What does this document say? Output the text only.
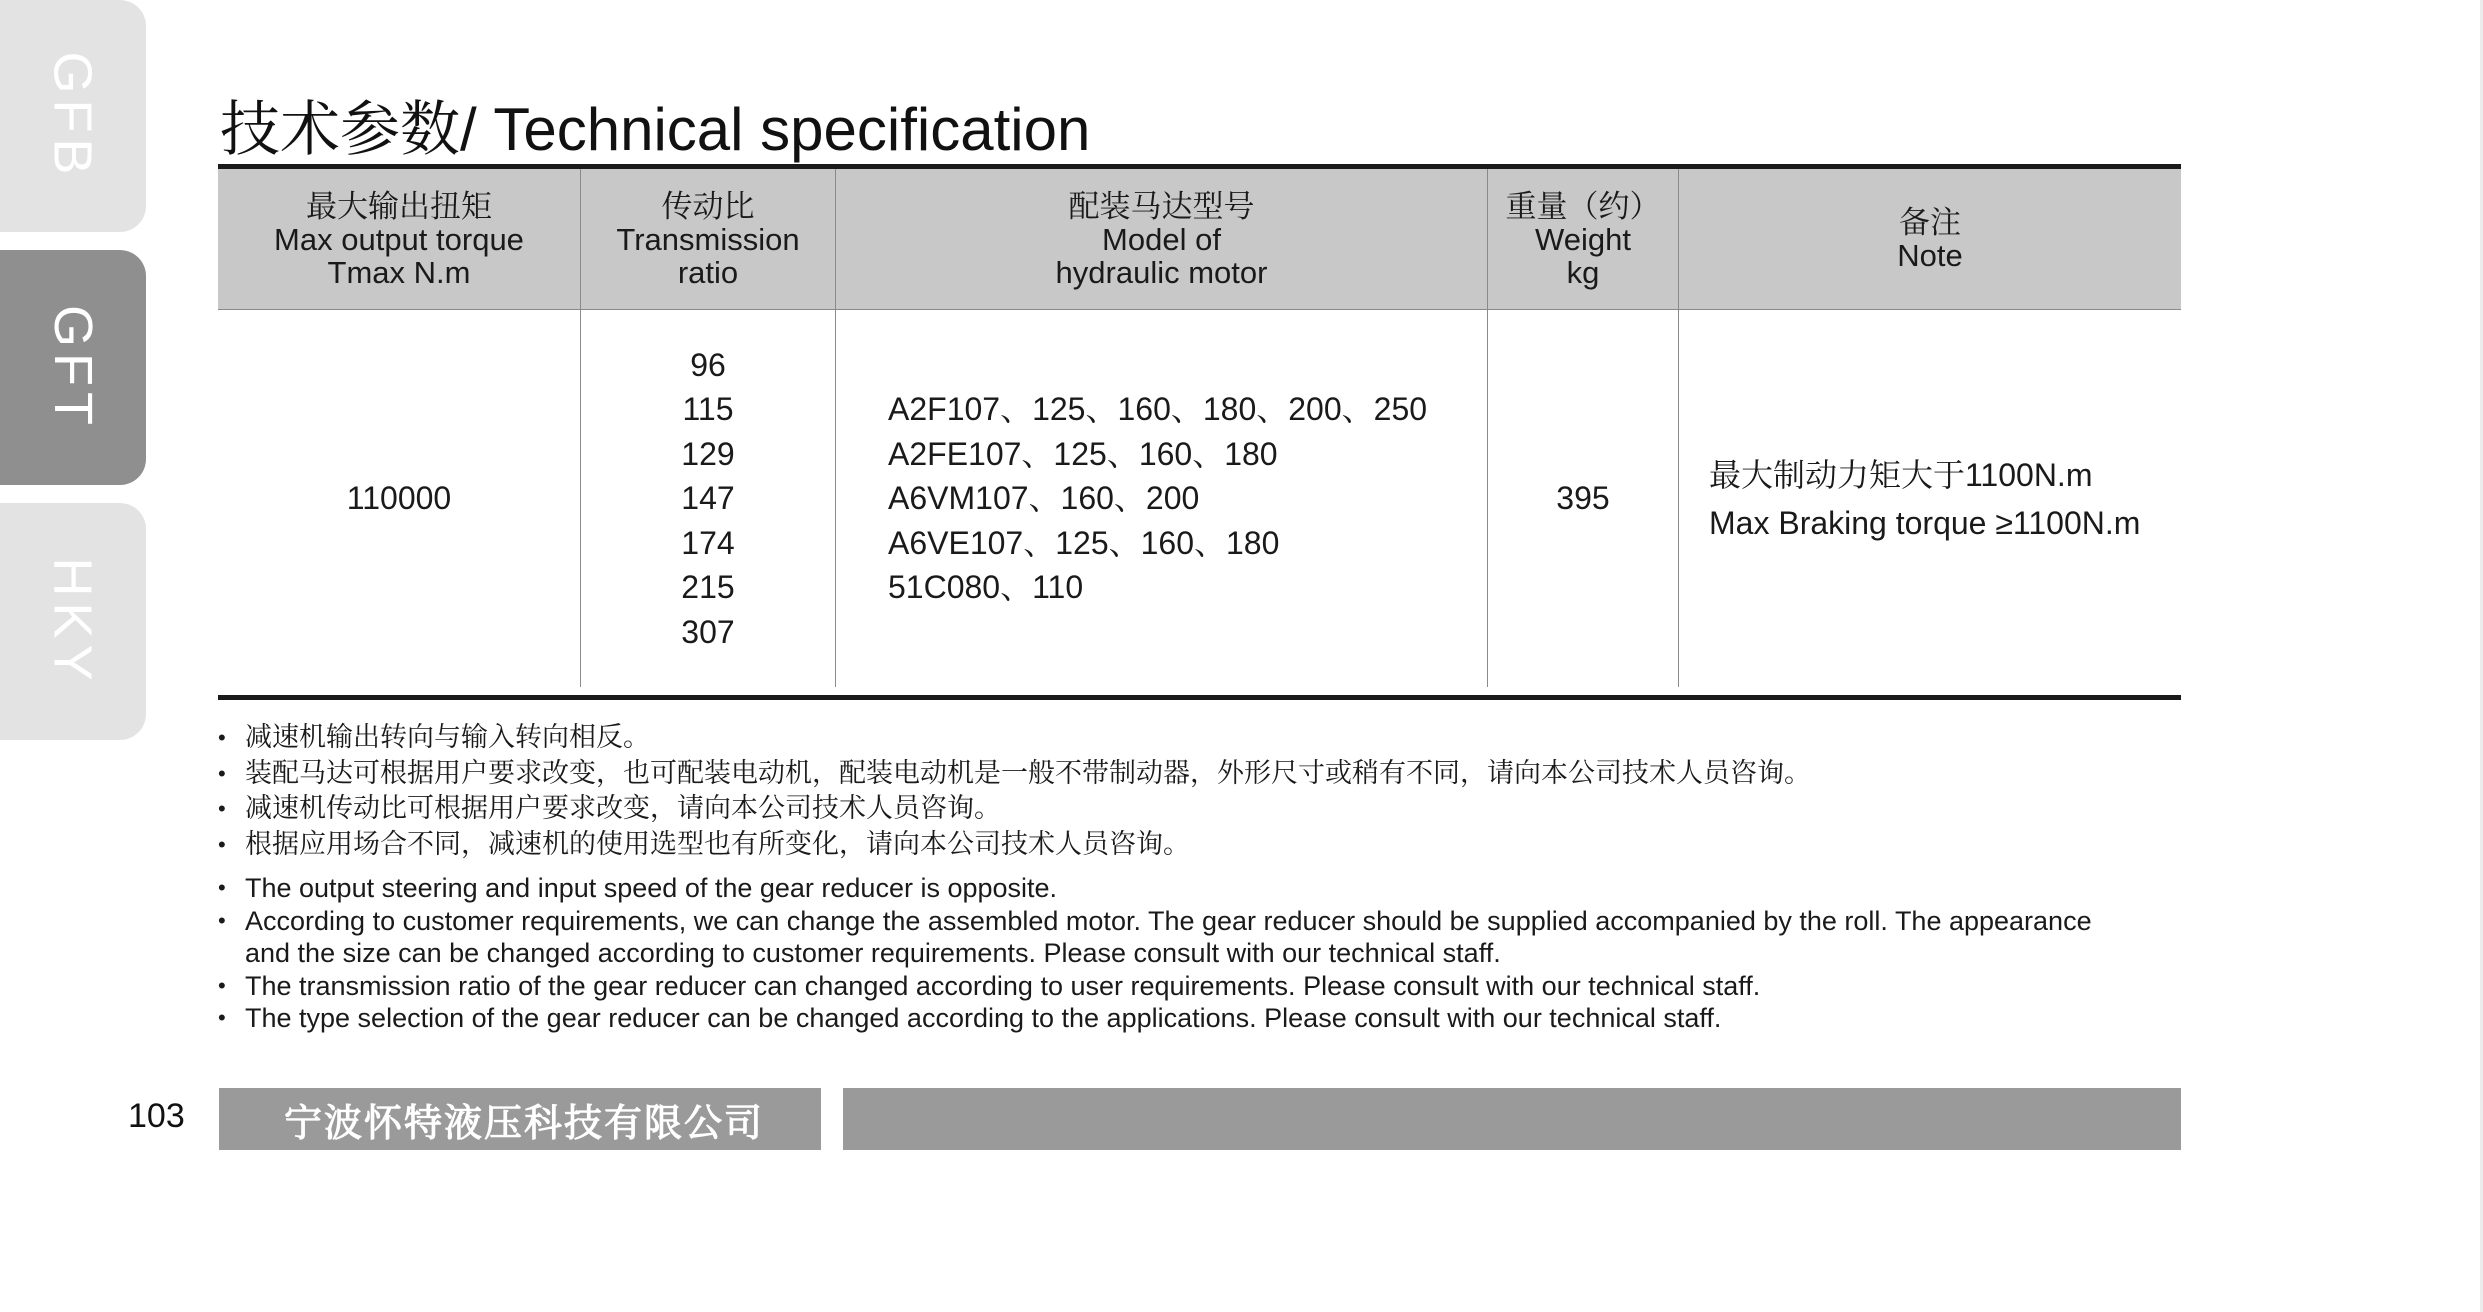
GFB
GFT
HKY
技术参数/ Technical specification
最大输出扭矩
Max output torque
Tmax N.m
传动比
Transmission
ratio
配装马达型号
Model of
hydraulic motor
重量（约）
Weight
kg
备注
Note
110000
96
115
129
147
174
215
307
A2F107、125、160、180、200、250
A2FE107、125、160、180
A6VM107、160、200
A6VE107、125、160、180
51C080、110
395
最大制动力矩大于1100N.m
Max Braking torque ≥1100N.m
• 减速机输出转向与输入转向相反。
• 装配马达可根据用户要求改变，也可配装电动机，配装电动机是一般不带制动器，外形尺寸或稍有不同，请向本公司技术人员咨询。
• 减速机传动比可根据用户要求改变，请向本公司技术人员咨询。
• 根据应用场合不同，减速机的使用选型也有所变化，请向本公司技术人员咨询。
• The output steering and input speed of the gear reducer is opposite.
• According to customer requirements, we can change the assembled motor. The gear reducer should be supplied accompanied by the roll. The appearance
and the size can be changed according to customer requirements. Please consult with our technical staff.
• The transmission ratio of the gear reducer can changed according to user requirements. Please consult with our technical staff.
• The type selection of the gear reducer can be changed according to the applications. Please consult with our technical staff.
103	宁波怀特液压科技有限公司
